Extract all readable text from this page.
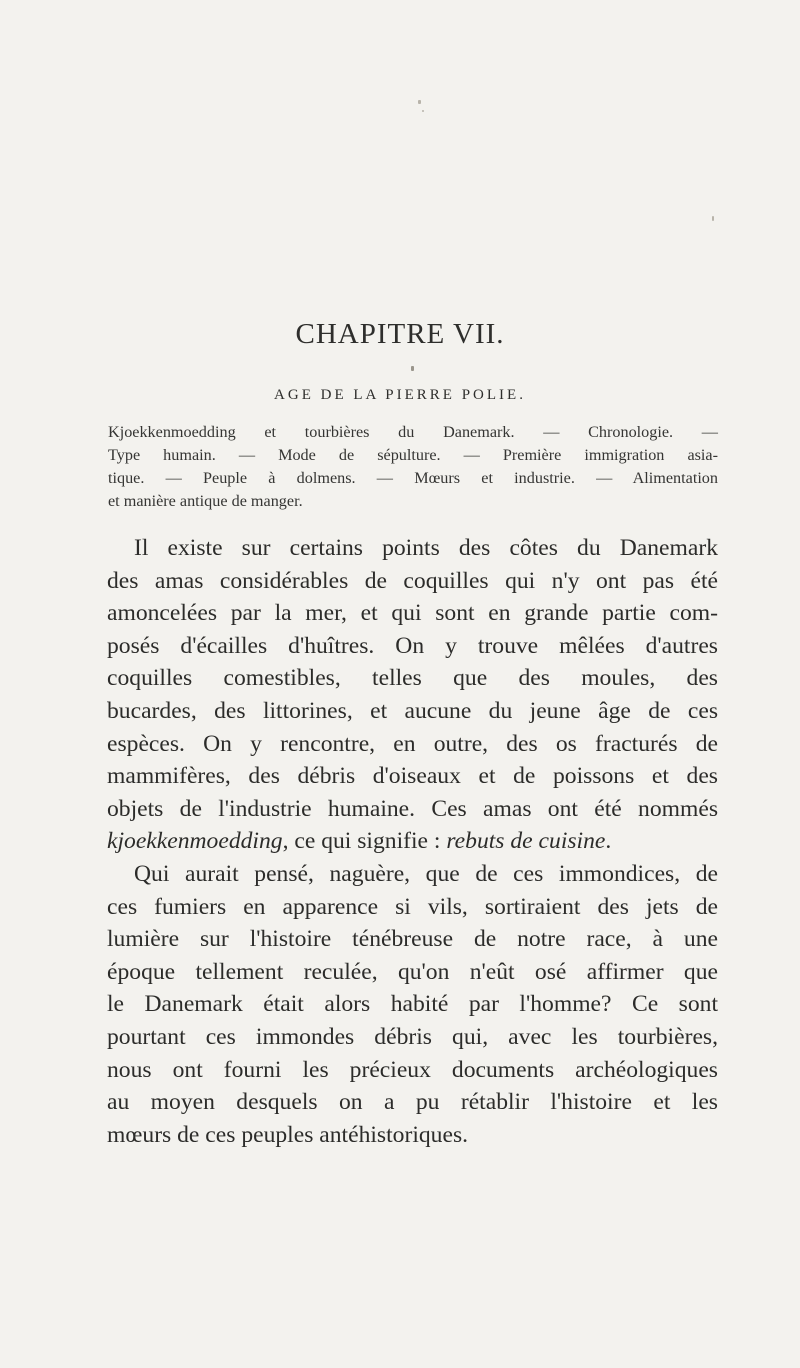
CHAPITRE VII.
AGE DE LA PIERRE POLIE.
Kjoekkenmoedding et tourbières du Danemark. — Chronologie. —
Type humain. — Mode de sépulture. — Première immigration asia-
tique. — Peuple à dolmens. — Mœurs et industrie. — Alimentation
et manière antique de manger.
Il existe sur certains points des côtes du Danemark
des amas considérables de coquilles qui n'y ont pas été
amoncelées par la mer, et qui sont en grande partie com-
posés d'écailles d'huîtres. On y trouve mêlées d'autres
coquilles comestibles, telles que des moules, des
bucardes, des littorines, et aucune du jeune âge de ces
espèces. On y rencontre, en outre, des os fracturés de
mammifères, des débris d'oiseaux et de poissons et des
objets de l'industrie humaine. Ces amas ont été nommés
kjoekkenmoedding, ce qui signifie : rebuts de cuisine.
Qui aurait pensé, naguère, que de ces immondices, de
ces fumiers en apparence si vils, sortiraient des jets de
lumière sur l'histoire ténébreuse de notre race, à une
époque tellement reculée, qu'on n'eût osé affirmer que
le Danemark était alors habité par l'homme? Ce sont
pourtant ces immondes débris qui, avec les tourbières,
nous ont fourni les précieux documents archéologiques
au moyen desquels on a pu rétablir l'histoire et les
mœurs de ces peuples antéhistoriques.
